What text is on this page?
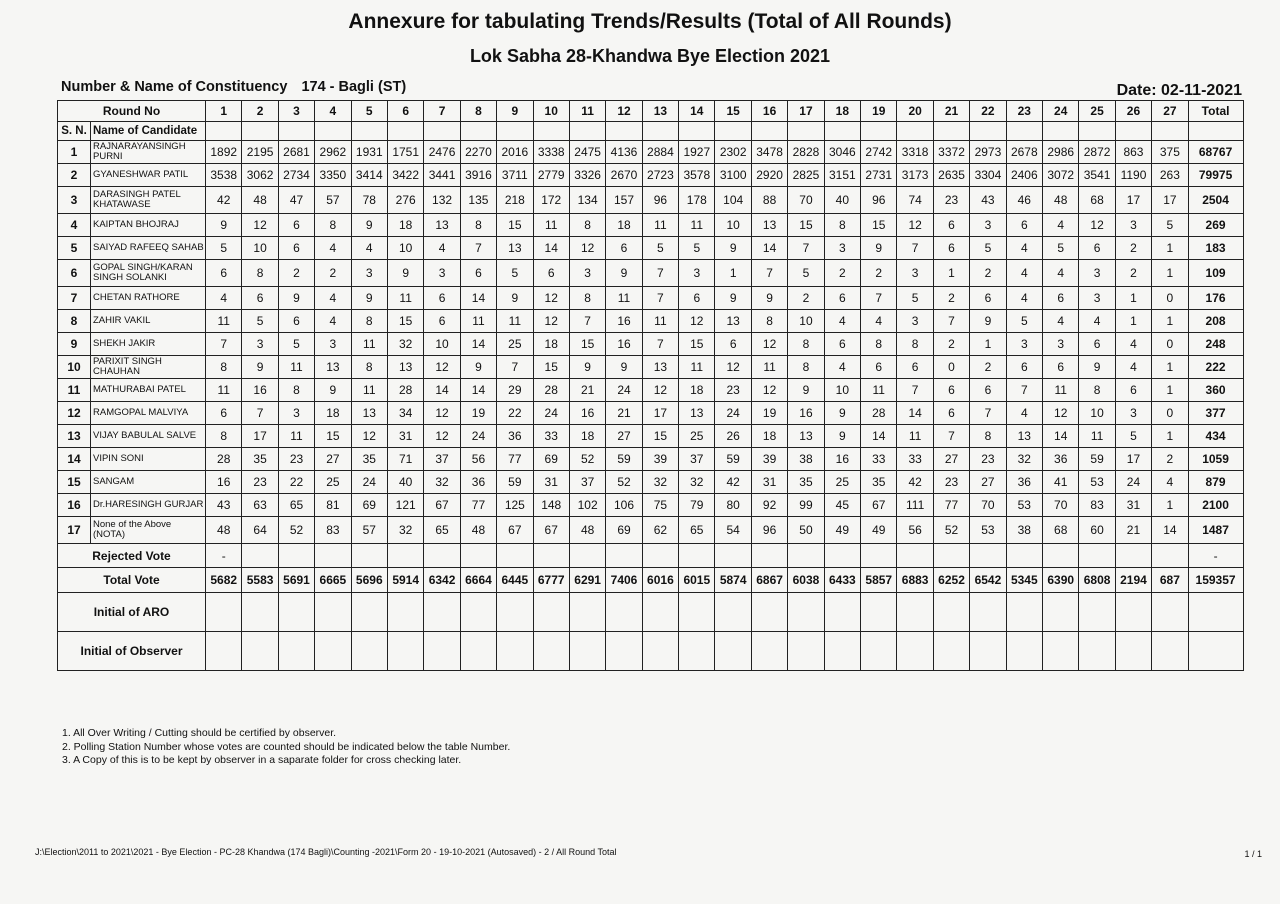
Annexure for tabulating Trends/Results (Total of All Rounds)
Lok Sabha 28-Khandwa Bye Election 2021
Number & Name of Constituency 174 - Bagli (ST)	Date: 02-11-2021
Round No		1	2	3	4	5	6	7	8	9	10	11	12	13	14	15	16	17	18	19	20	21	22	23	24	25	26	27	Total
S. N.	Name of Candidate																												
1	RAJNARAYANSINGH PURNI	1892	2195	2681	2962	1931	1751	2476	2270	2016	3338	2475	4136	2884	1927	2302	3478	2828	3046	2742	3318	3372	2973	2678	2986	2872	863	375	68767
2	GYANESHWAR PATIL	3538	3062	2734	3350	3414	3422	3441	3916	3711	2779	3326	2670	2723	3578	3100	2920	2825	3151	2731	3173	2635	3304	2406	3072	3541	1190	263	79975
3	DARASINGH PATEL KHATAWASE	42	48	47	57	78	276	132	135	218	172	134	157	96	178	104	88	70	40	96	74	23	43	46	48	68	17	17	2504
4	KAIPTAN BHOJRAJ	9	12	6	8	9	18	13	8	15	11	8	18	11	11	10	13	15	8	15	12	6	3	6	4	12	3	5	269
5	SAIYAD RAFEEQ SAHAB	5	10	6	4	4	10	4	7	13	14	12	6	5	5	9	14	7	3	9	7	6	5	4	5	6	2	1	183
6	GOPAL SINGH/KARAN SINGH SOLANKI	6	8	2	2	3	9	3	6	5	6	3	9	7	3	1	7	5	2	2	3	1	2	4	4	3	2	1	109
7	CHETAN RATHORE	4	6	9	4	9	11	6	14	9	12	8	11	7	6	9	9	2	6	7	5	2	6	4	6	3	1	0	176
8	ZAHIR VAKIL	11	5	6	4	8	15	6	11	11	12	7	16	11	12	13	8	10	4	4	3	7	9	5	4	4	1	1	208
9	SHEKH JAKIR	7	3	5	3	11	32	10	14	25	18	15	16	7	15	6	12	8	6	8	8	2	1	3	3	6	4	0	248
10	PARIXIT SINGH CHAUHAN	8	9	11	13	8	13	12	9	7	15	9	9	13	11	12	11	8	4	6	6	0	2	6	6	9	4	1	222
11	MATHURABAI PATEL	11	16	8	9	11	28	14	14	29	28	21	24	12	18	23	12	9	10	11	7	6	6	7	11	8	6	1	360
12	RAMGOPAL MALVIYA	6	7	3	18	13	34	12	19	22	24	16	21	17	13	24	19	16	9	28	14	6	7	4	12	10	3	0	377
13	VIJAY BABULAL SALVE	8	17	11	15	12	31	12	24	36	33	18	27	15	25	26	18	13	9	14	11	7	8	13	14	11	5	1	434
14	VIPIN SONI	28	35	23	27	35	71	37	56	77	69	52	59	39	37	59	39	38	16	33	33	27	23	32	36	59	17	2	1059
15	SANGAM	16	23	22	25	24	40	32	36	59	31	37	52	32	32	42	31	35	25	35	42	23	27	36	41	53	24	4	879
16	Dr.HARESINGH GURJAR	43	63	65	81	69	121	67	77	125	148	102	106	75	79	80	92	99	45	67	111	77	70	53	70	83	31	1	2100
17	None of the Above (NOTA)	48	64	52	83	57	32	65	48	67	67	48	69	62	65	54	96	50	49	49	56	52	53	38	68	60	21	14	1487
Rejected Vote		-																											-
Total Vote		5682	5583	5691	6665	5696	5914	6342	6664	6445	6777	6291	7406	6016	6015	5874	6867	6038	6433	5857	6883	6252	6542	5345	6390	6808	2194	687	159357
Initial of ARO																													
Initial of Observer																													
1. All Over Writing / Cutting should be certified by observer.
2. Polling Station Number whose votes are counted should be indicated below the table Number.
3. A Copy of this is to be kept by observer in a saparate folder for cross checking later.
J:\Election\2011 to 2021\2021 - Bye Election - PC-28 Khandwa (174 Bagli)\Counting -2021\Form 20 - 19-10-2021 (Autosaved) - 2 / All Round Total	1 / 1
